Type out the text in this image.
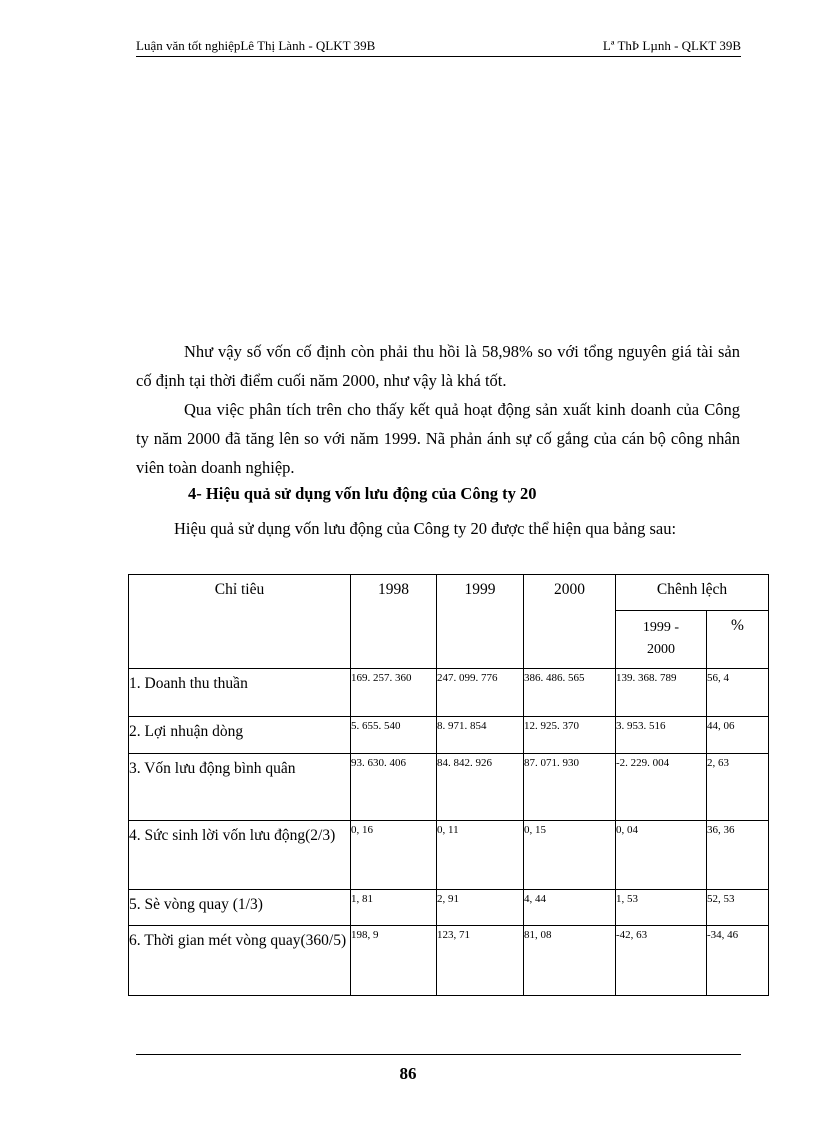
Luận văn tốt nghiệpLê Thị Lành - QLKT 39B	Lª ThÞ Lµnh - QLKT 39B

Như vậy số vốn cố định còn phải thu hồi là 58,98% so với tổng nguyên giá tài sản cố định tại thời điểm cuối năm 2000, như vậy là khá tốt.

Qua việc phân tích trên cho thấy kết quả hoạt động sản xuất kinh doanh của Công ty năm 2000 đã tăng lên so với năm 1999. Nã phản ánh sự cố gắng của cán bộ công nhân viên toàn doanh nghiệp.

4- Hiệu quả sử dụng vốn lưu động của Công ty 20

Hiệu quả sử dụng vốn lưu động của Công ty 20 được thể hiện qua bảng sau:

Chỉ tiêu	1998	1999	2000	Chênh lệch	
				1999 - 2000	%
1. Doanh thu thuần	169. 257. 360	247. 099. 776	386. 486. 565	139. 368. 789	56, 4
2. Lợi nhuận dòng	5. 655. 540	8. 971. 854	12. 925. 370	3. 953. 516	44, 06
3. Vốn lưu động bình quân	93. 630. 406	84. 842. 926	87. 071. 930	-2. 229. 004	2, 63
4. Sức sinh lời vốn lưu động(2/3)	0, 16	0, 11	0, 15	0, 04	36, 36
5. Sè vòng quay (1/3)	1, 81	2, 91	4, 44	1, 53	52, 53
6. Thời gian mét vòng quay(360/5)	198, 9	123, 71	81, 08	-42, 63	-34, 46
86
